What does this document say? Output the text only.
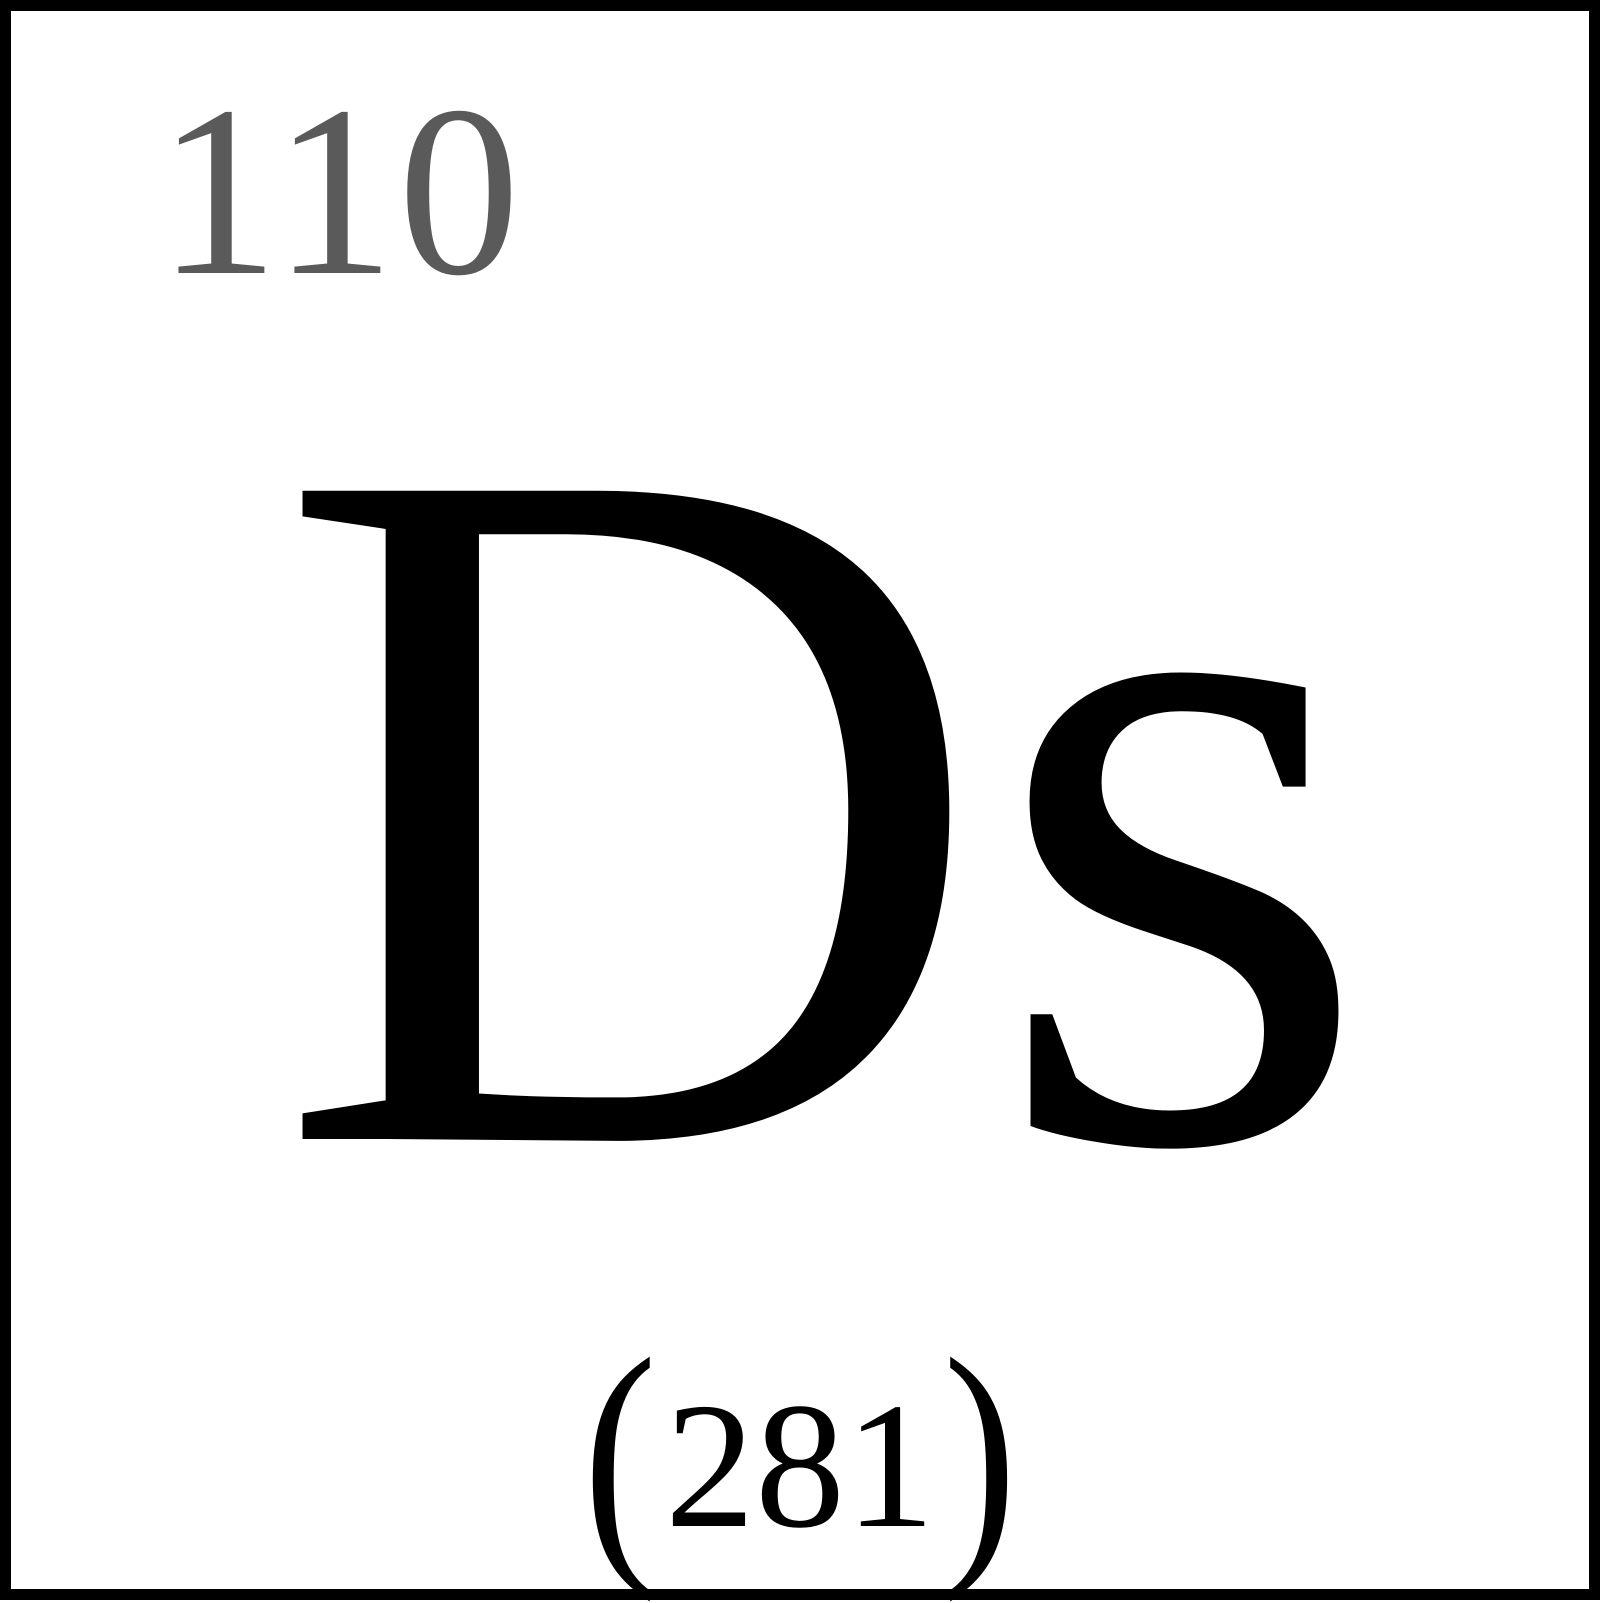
110

Ds

(281)
